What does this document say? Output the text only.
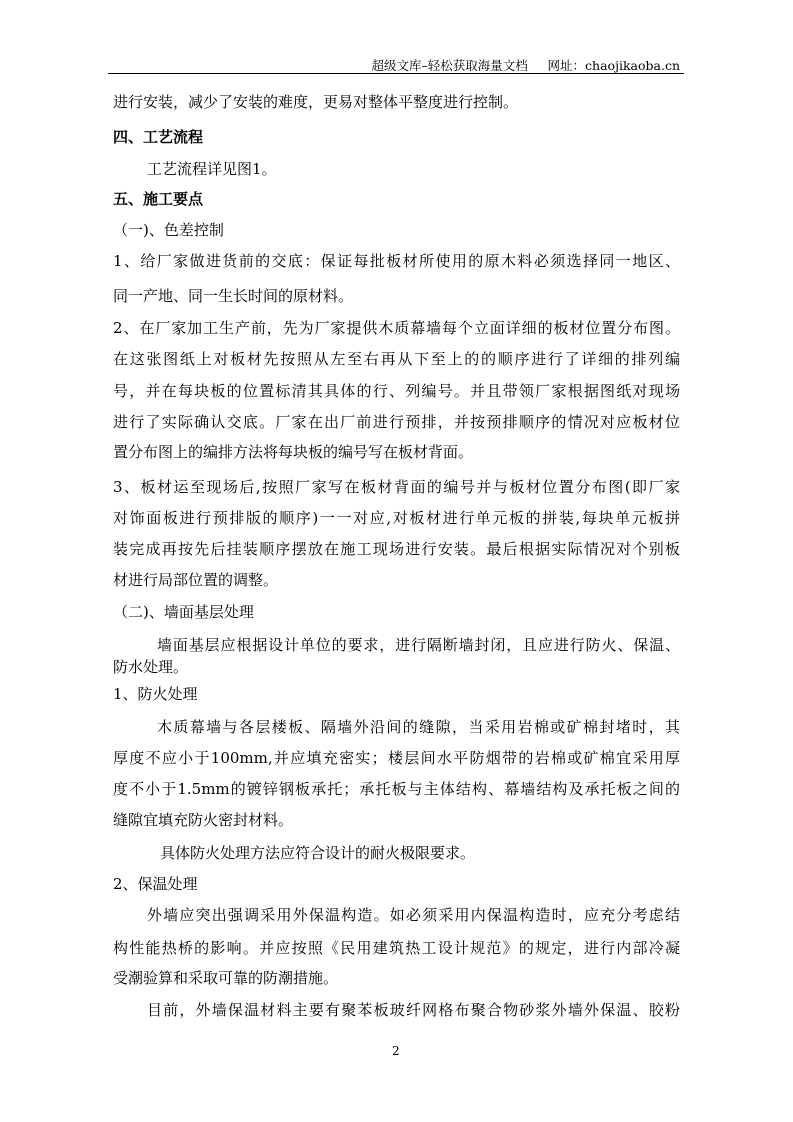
超级文库–轻松获取海量文档     网址：chaojikaoba.cn
进行安装，减少了安装的难度，更易对整体平整度进行控制。
四、工艺流程
工艺流程详见图1。
五、施工要点
（一)、色差控制
1、给厂家做进货前的交底：保证每批板材所使用的原木料必须选择同一地区、
同一产地、同一生长时间的原材料。
2、在厂家加工生产前，先为厂家提供木质幕墙每个立面详细的板材位置分布图。
在这张图纸上对板材先按照从左至右再从下至上的的顺序进行了详细的排列编
号，并在每块板的位置标清其具体的行、列编号。并且带领厂家根据图纸对现场
进行了实际确认交底。厂家在出厂前进行预排，并按预排顺序的情况对应板材位
置分布图上的编排方法将每块板的编号写在板材背面。
3、板材运至现场后,按照厂家写在板材背面的编号并与板材位置分布图(即厂家
对饰面板进行预排版的顺序)一一对应,对板材进行单元板的拼装,每块单元板拼
装完成再按先后挂装顺序摆放在施工现场进行安装。最后根据实际情况对个别板
材进行局部位置的调整。
（二)、墙面基层处理
墙面基层应根据设计单位的要求，进行隔断墙封闭，且应进行防火、保温、
防水处理。
1、防火处理
木质幕墙与各层楼板、隔墙外沿间的缝隙，当采用岩棉或矿棉封堵时，其
厚度不应小于100mm,并应填充密实；楼层间水平防烟带的岩棉或矿棉宜采用厚
度不小于1.5mm的镀锌钢板承托；承托板与主体结构、幕墙结构及承托板之间的
缝隙宜填充防火密封材料。
具体防火处理方法应符合设计的耐火极限要求。
2、保温处理
外墙应突出强调采用外保温构造。如必须采用内保温构造时，应充分考虑结
构性能热桥的影响。并应按照《民用建筑热工设计规范》的规定，进行内部冷凝
受潮验算和采取可靠的防潮措施。
目前，外墙保温材料主要有聚苯板玻纤网格布聚合物砂浆外墙外保温、胶粉
2
